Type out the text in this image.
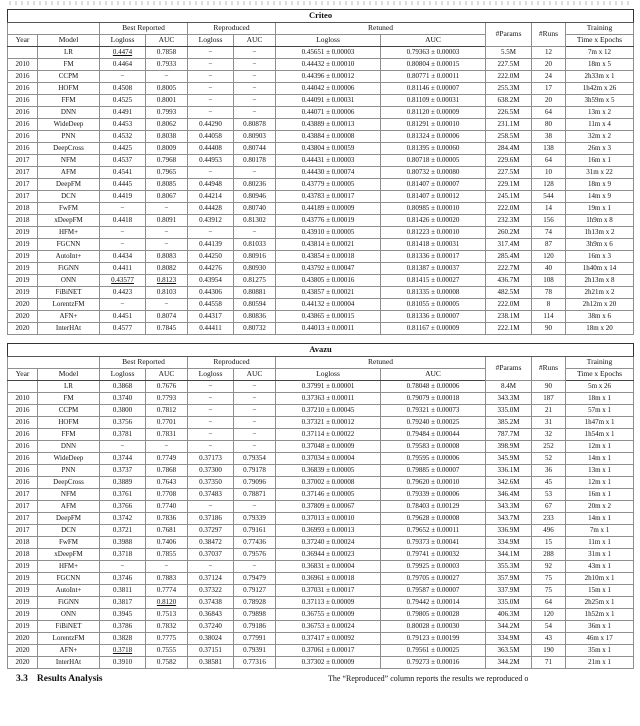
Criteo										
		Best Reported		Reproduced		Retuned		#Params	#Runs	Training
Year	Model	Logloss	AUC	Logloss	AUC	Logloss	AUC			Time x Epochs
	LR	0.4474	0.7858	−	−	0.45651 ± 0.00003	0.79363 ± 0.00003	5.5M	12	7m x 12
2010	FM	0.4464	0.7933	−	−	0.44432 ± 0.00010	0.80804 ± 0.00015	227.5M	20	18m x 5
2016	CCPM	−	−	−	−	0.44396 ± 0.00012	0.80771 ± 0.00011	222.0M	24	2h33m x 1
2016	HOFM	0.4508	0.8005	−	−	0.44042 ± 0.00006	0.81146 ± 0.00007	255.3M	17	1h42m x 26
2016	FFM	0.4525	0.8001	−	−	0.44091 ± 0.00031	0.81109 ± 0.00031	638.2M	20	3h59m x 5
2016	DNN	0.4491	0.7993	−	−	0.44071 ± 0.00006	0.81120 ± 0.00009	226.5M	64	13m x 2
2016	WideDeep	0.4453	0.8062	0.44290	0.80878	0.43889 ± 0.00013	0.81291 ± 0.00010	231.1M	80	11m x 4
2016	PNN	0.4532	0.8038	0.44058	0.80903	0.43884 ± 0.00008	0.81324 ± 0.00006	258.5M	38	32m x 2
2016	DeepCross	0.4425	0.8009	0.44408	0.80744	0.43804 ± 0.00059	0.81395 ± 0.00060	284.4M	138	26m x 3
2017	NFM	0.4537	0.7968	0.44953	0.80178	0.44431 ± 0.00003	0.80718 ± 0.00005	229.6M	64	16m x 1
2017	AFM	0.4541	0.7965	−	−	0.44430 ± 0.00074	0.80732 ± 0.00080	227.5M	10	31m x 22
2017	DeepFM	0.4445	0.8085	0.44948	0.80236	0.43779 ± 0.00005	0.81407 ± 0.00007	229.1M	128	18m x 9
2017	DCN	0.4419	0.8067	0.44214	0.80946	0.43783 ± 0.00017	0.81407 ± 0.00012	245.1M	544	14m x 9
2018	FwFM	−	−	0.44428	0.80740	0.44189 ± 0.00009	0.80985 ± 0.00010	222.0M	14	19m x 1
2018	xDeepFM	0.4418	0.8091	0.43912	0.81302	0.43776 ± 0.00019	0.81426 ± 0.00020	232.3M	156	1h9m x 8
2019	HFM+	−	−	−	−	0.43910 ± 0.00005	0.81223 ± 0.00010	260.2M	74	1h13m x 2
2019	FGCNN	−	−	0.44139	0.81033	0.43814 ± 0.00021	0.81418 ± 0.00031	317.4M	87	3h9m x 6
2019	AutoInt+	0.4434	0.8083	0.44250	0.80916	0.43854 ± 0.00018	0.81336 ± 0.00017	285.4M	120	16m x 3
2019	FiGNN	0.4411	0.8082	0.44276	0.80930	0.43792 ± 0.00047	0.81387 ± 0.00037	222.7M	40	1h40m x 14
2019	ONN	0.43577	0.8123	0.43954	0.81275	0.43805 ± 0.00016	0.81415 ± 0.00027	436.7M	108	2h13m x 8
2019	FiBiNET	0.4423	0.8103	0.44306	0.80881	0.43857 ± 0.00021	0.81335 ± 0.00008	482.5M	78	2h21m x 2
2020	LorentzFM	−	−	0.44558	0.80594	0.44132 ± 0.00004	0.81055 ± 0.00005	222.0M	8	2h12m x 20
2020	AFN+	0.4451	0.8074	0.44317	0.80836	0.43865 ± 0.00015	0.81336 ± 0.00007	238.1M	114	38m x 6
2020	InterHAt	0.4577	0.7845	0.44411	0.80732	0.44013 ± 0.00011	0.81167 ± 0.00009	222.1M	90	18m x 20
Avazu										
		Best Reported		Reproduced		Retuned		#Params	#Runs	Training
Year	Model	Logloss	AUC	Logloss	AUC	Logloss	AUC			Time x Epochs
	LR	0.3868	0.7676	−	−	0.37991 ± 0.00001	0.78048 ± 0.00006	8.4M	90	5m x 26
2010	FM	0.3740	0.7793	−	−	0.37363 ± 0.00011	0.79079 ± 0.00018	343.3M	187	18m x 1
2016	CCPM	0.3800	0.7812	−	−	0.37210 ± 0.00045	0.79321 ± 0.00073	335.0M	21	57m x 1
2016	HOFM	0.3756	0.7701	−	−	0.37321 ± 0.00012	0.79240 ± 0.00025	385.2M	31	1h47m x 1
2016	FFM	0.3781	0.7831	−	−	0.37114 ± 0.00022	0.79484 ± 0.00044	787.7M	32	1h54m x 1
2016	DNN	−	−	−	−	0.37048 ± 0.00009	0.79583 ± 0.00008	398.9M	252	12m x 1
2016	WideDeep	0.3744	0.7749	0.37173	0.79354	0.37034 ± 0.00004	0.79595 ± 0.00006	345.9M	52	14m x 1
2016	PNN	0.3737	0.7868	0.37300	0.79178	0.36839 ± 0.00005	0.79885 ± 0.00007	336.1M	36	13m x 1
2016	DeepCross	0.3889	0.7643	0.37350	0.79096	0.37002 ± 0.00008	0.79620 ± 0.00010	342.6M	45	12m x 1
2017	NFM	0.3761	0.7708	0.37483	0.78871	0.37146 ± 0.00005	0.79339 ± 0.00006	346.4M	53	16m x 1
2017	AFM	0.3766	0.7740	−	−	0.37809 ± 0.00067	0.78403 ± 0.00129	343.3M	67	20m x 2
2017	DeepFM	0.3742	0.7836	0.37186	0.79339	0.37013 ± 0.00010	0.79628 ± 0.00008	343.7M	233	14m x 1
2017	DCN	0.3721	0.7681	0.37297	0.79161	0.36993 ± 0.00013	0.79652 ± 0.00011	336.9M	496	7m x 1
2018	FwFM	0.3988	0.7406	0.38472	0.77436	0.37240 ± 0.00024	0.79373 ± 0.00041	334.9M	15	11m x 1
2018	xDeepFM	0.3718	0.7855	0.37037	0.79576	0.36944 ± 0.00023	0.79741 ± 0.00032	344.1M	288	31m x 1
2019	HFM+	−	−	−	−	0.36831 ± 0.00004	0.79925 ± 0.00003	355.3M	92	43m x 1
2019	FGCNN	0.3746	0.7883	0.37124	0.79479	0.36961 ± 0.00018	0.79705 ± 0.00027	357.9M	75	2h10m x 1
2019	AutoInt+	0.3811	0.7774	0.37322	0.79127	0.37031 ± 0.00017	0.79587 ± 0.00007	337.9M	75	15m x 1
2019	FiGNN	0.3817	0.8120	0.37438	0.78928	0.37113 ± 0.00009	0.79442 ± 0.00014	335.0M	64	2h25m x 1
2019	ONN	0.3945	0.7513	0.36843	0.79898	0.36755 ± 0.00009	0.79805 ± 0.00028	406.3M	120	1h52m x 1
2019	FiBiNET	0.3786	0.7832	0.37240	0.79186	0.36753 ± 0.00024	0.80028 ± 0.00030	344.2M	54	36m x 1
2020	LorentzFM	0.3828	0.7775	0.38024	0.77991	0.37417 ± 0.00092	0.79123 ± 0.00199	334.9M	43	46m x 17
2020	AFN+	0.3718	0.7555	0.37151	0.79391	0.37061 ± 0.00017	0.79561 ± 0.00025	363.5M	190	35m x 1
2020	InterHAt	0.3910	0.7582	0.38581	0.77316	0.37302 ± 0.00009	0.79273 ± 0.00016	344.2M	71	21m x 1
3.3 Results Analysis	The “Reproduced” column reports the results we reproduced o
